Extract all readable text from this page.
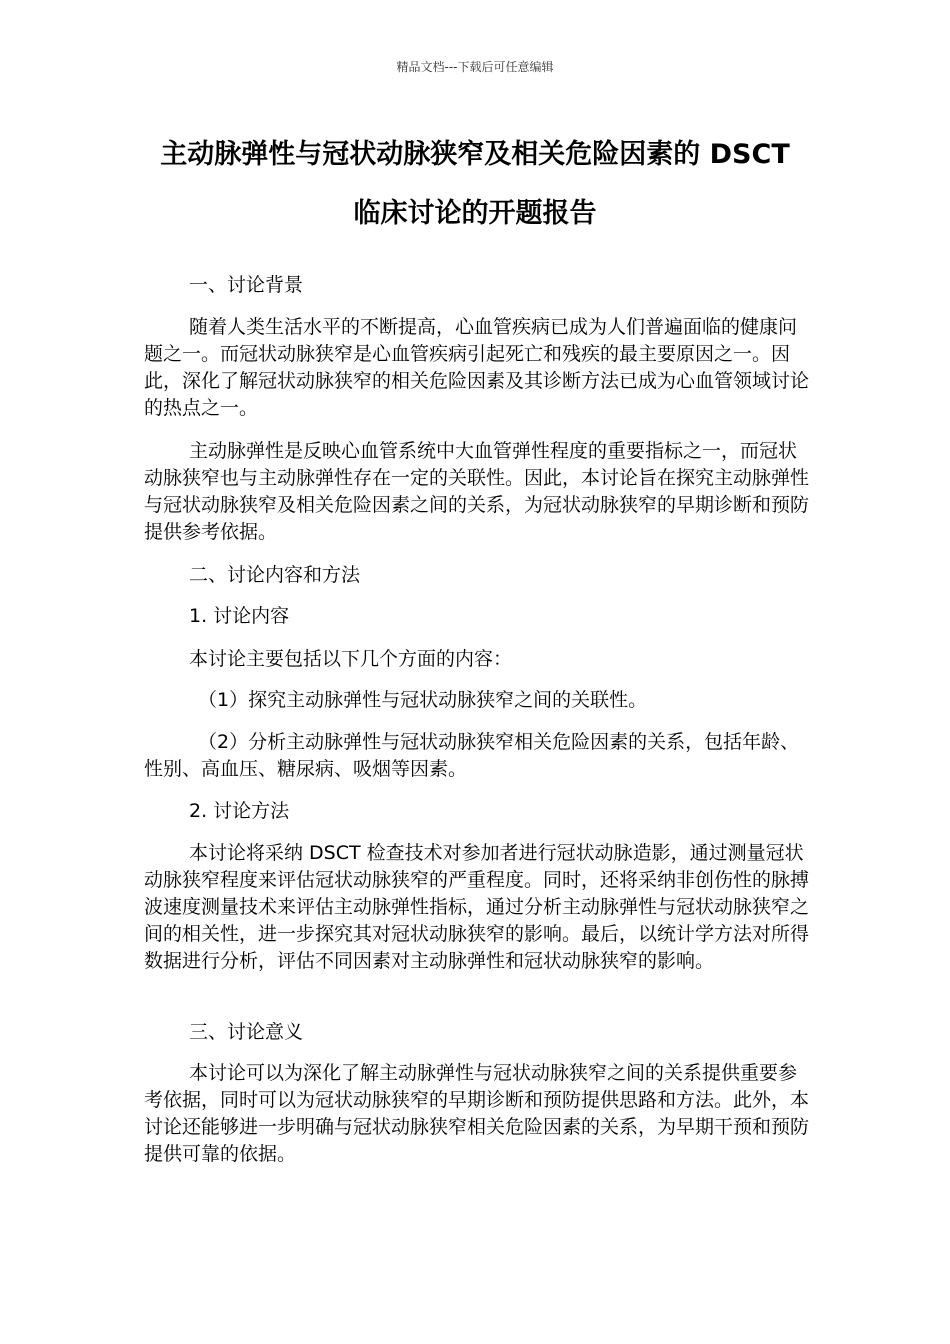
精品文档---下载后可任意编辑
主动脉弹性与冠状动脉狭窄及相关危险因素的 DSCT
临床讨论的开题报告

一、讨论背景

随着人类生活水平的不断提高，心血管疾病已成为人们普遍面临的健康问题之一。而冠状动脉狭窄是心血管疾病引起死亡和残疾的最主要原因之一。因此，深化了解冠状动脉狭窄的相关危险因素及其诊断方法已成为心血管领域讨论的热点之一。

主动脉弹性是反映心血管系统中大血管弹性程度的重要指标之一，而冠状动脉狭窄也与主动脉弹性存在一定的关联性。因此，本讨论旨在探究主动脉弹性与冠状动脉狭窄及相关危险因素之间的关系，为冠状动脉狭窄的早期诊断和预防提供参考依据。

二、讨论内容和方法

1. 讨论内容

本讨论主要包括以下几个方面的内容：

（1）探究主动脉弹性与冠状动脉狭窄之间的关联性。

（2）分析主动脉弹性与冠状动脉狭窄相关危险因素的关系，包括年龄、性别、高血压、糖尿病、吸烟等因素。

2. 讨论方法

本讨论将采纳 DSCT 检查技术对参加者进行冠状动脉造影，通过测量冠状动脉狭窄程度来评估冠状动脉狭窄的严重程度。同时，还将采纳非创伤性的脉搏波速度测量技术来评估主动脉弹性指标，通过分析主动脉弹性与冠状动脉狭窄之间的相关性，进一步探究其对冠状动脉狭窄的影响。最后，以统计学方法对所得数据进行分析，评估不同因素对主动脉弹性和冠状动脉狭窄的影响。

三、讨论意义

本讨论可以为深化了解主动脉弹性与冠状动脉狭窄之间的关系提供重要参考依据，同时可以为冠状动脉狭窄的早期诊断和预防提供思路和方法。此外，本讨论还能够进一步明确与冠状动脉狭窄相关危险因素的关系，为早期干预和预防提供可靠的依据。
